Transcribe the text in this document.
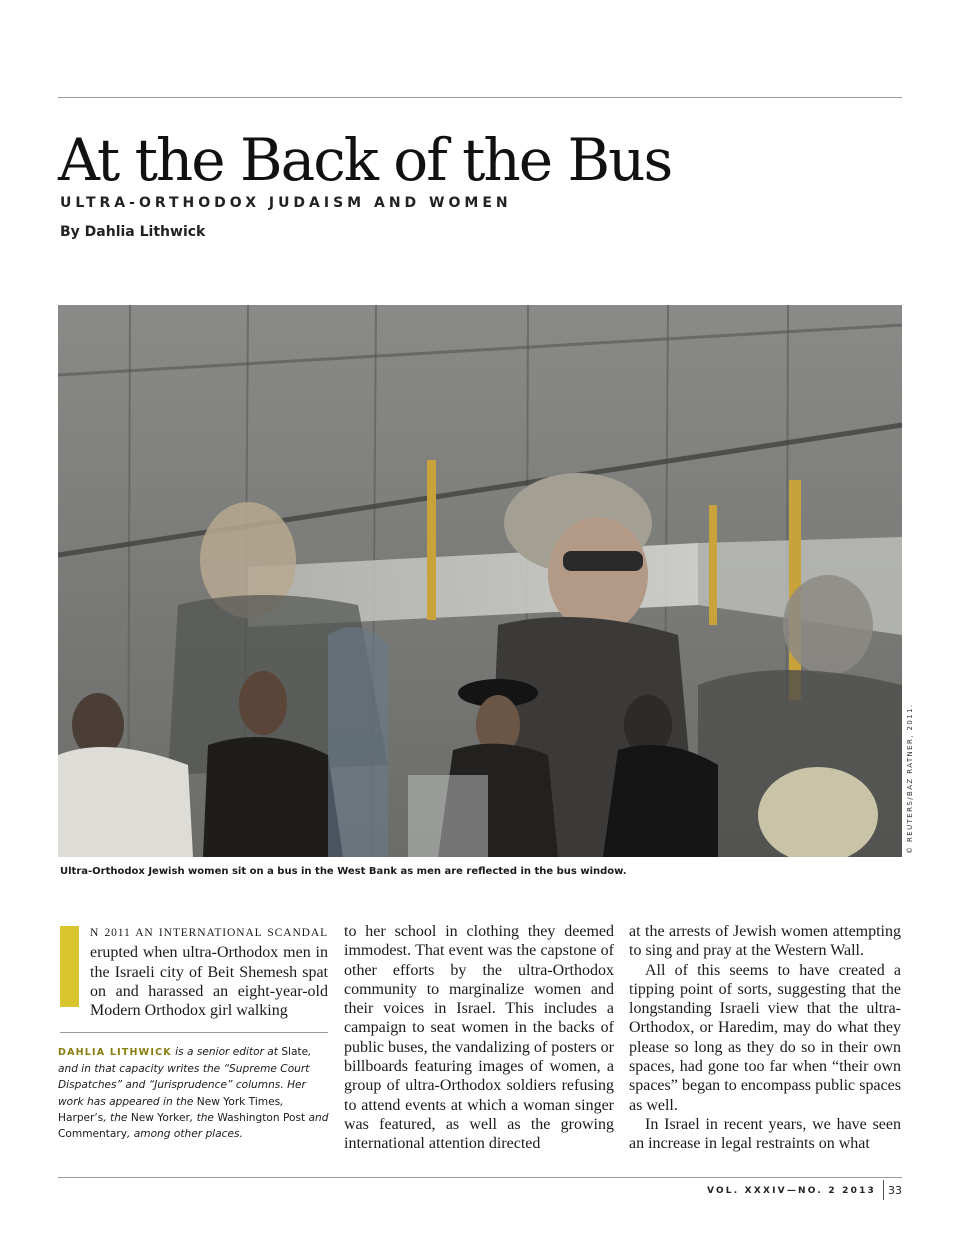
At the Back of the Bus
ULTRA-ORTHODOX JUDAISM AND WOMEN
By Dahlia Lithwick
© REUTERS/BAZ RATNER, 2011.
Ultra-Orthodox Jewish women sit on a bus in the West Bank as men are reflected in the bus window.

N 2011 AN INTERNATIONAL SCANDAL erupted when ultra-Orthodox men in the Israeli city of Beit Shemesh spat on and harassed an eight-year-old Modern Orthodox girl walking

DAHLIA LITHWICK is a senior editor at Slate, and in that capacity writes the “Supreme Court Dispatches” and “Jurisprudence” columns. Her work has appeared in the New York Times, Harper’s, the New Yorker, the Washington Post and Commentary, among other places.

to her school in clothing they deemed immodest. That event was the capstone of other efforts by the ultra-Orthodox community to marginalize women and their voices in Israel. This includes a campaign to seat women in the backs of public buses, the vandalizing of posters or billboards featuring images of women, a group of ultra-Orthodox soldiers refusing to attend events at which a woman singer was featured, as well as the growing international attention directed

at the arrests of Jewish women attempting to sing and pray at the Western Wall.

All of this seems to have created a tipping point of sorts, suggesting that the longstanding Israeli view that the ultra-Orthodox, or Haredim, may do what they please so long as they do so in their own spaces, had gone too far when “their own spaces” began to encompass public spaces as well.

In Israel in recent years, we have seen an increase in legal restraints on what

VOL. XXXIV—NO. 2 2013 33
